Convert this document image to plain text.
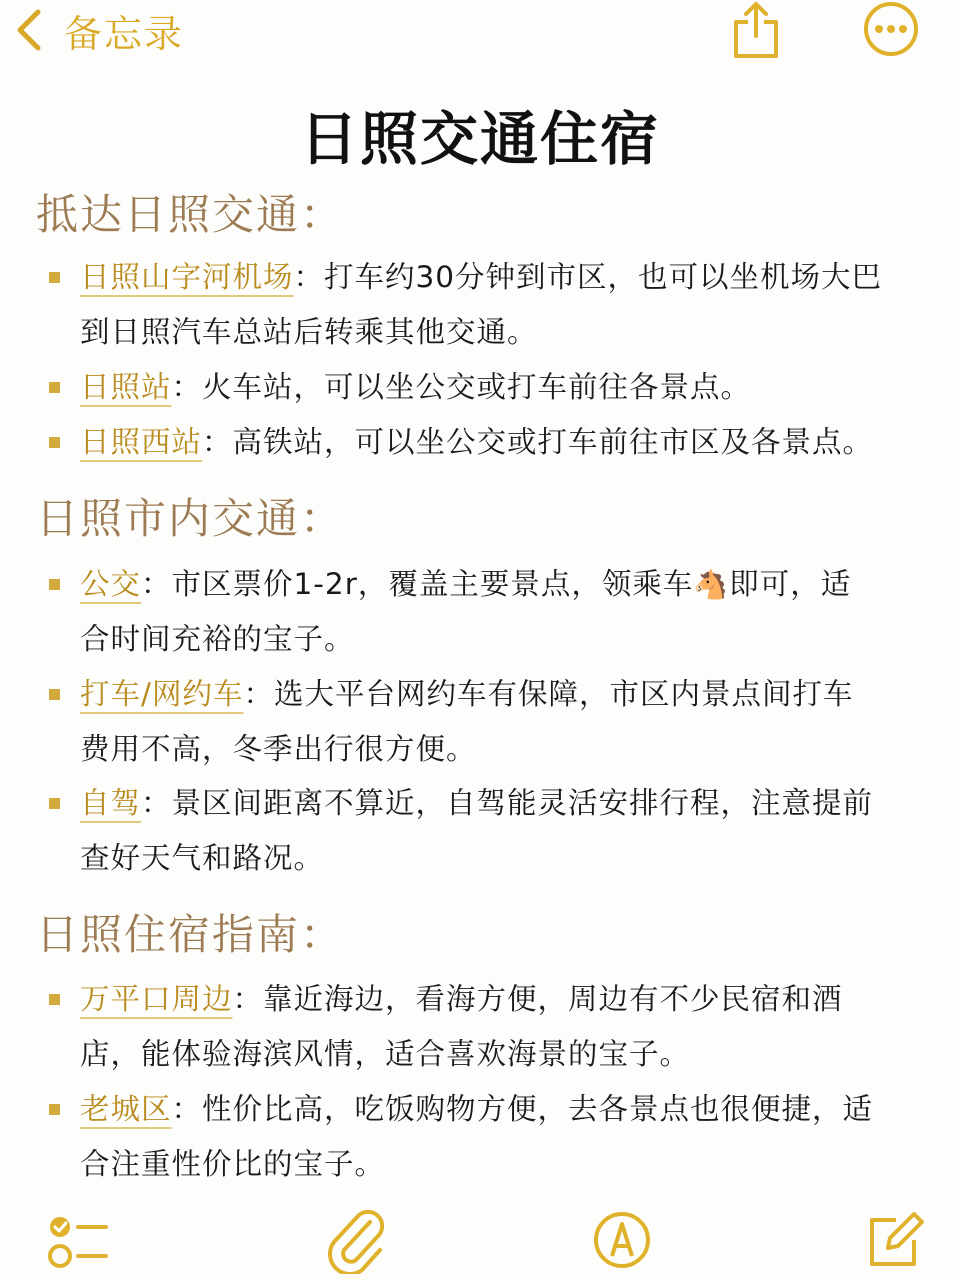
备忘录
日照交通住宿
抵达日照交通：
日照山字河机场：打车约30分钟到市区，也可以坐机场大巴
到日照汽车总站后转乘其他交通。
日照站：火车站，可以坐公交或打车前往各景点。
日照西站：高铁站，可以坐公交或打车前往市区及各景点。
日照市内交通：
公交：市区票价1-2r，覆盖主要景点，领乘车🐴即可，适
合时间充裕的宝子。
打车/网约车：选大平台网约车有保障，市区内景点间打车
费用不高，冬季出行很方便。
自驾：景区间距离不算近，自驾能灵活安排行程，注意提前
查好天气和路况。
日照住宿指南：
万平口周边：靠近海边，看海方便，周边有不少民宿和酒
店，能体验海滨风情，适合喜欢海景的宝子。
老城区：性价比高，吃饭购物方便，去各景点也很便捷，适
合注重性价比的宝子。
